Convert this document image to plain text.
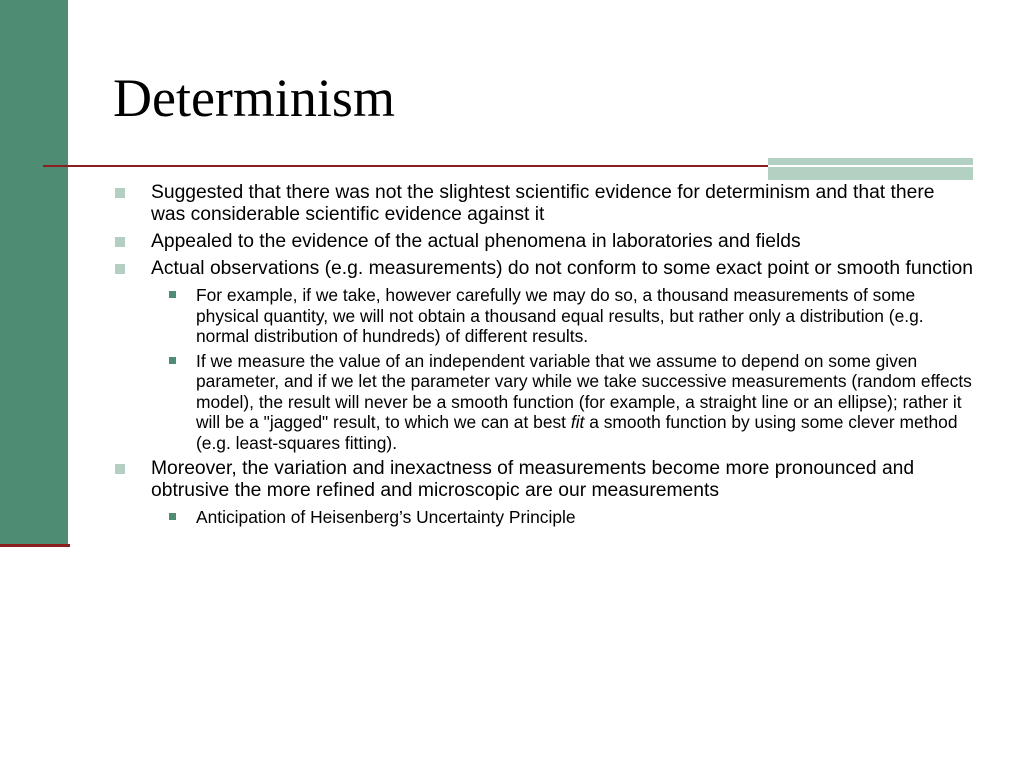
Determinism
Suggested that there was not the slightest scientific evidence for determinism and that there was considerable scientific evidence against it
Appealed to the evidence of the actual phenomena in laboratories and fields
Actual observations (e.g. measurements) do not conform to some exact point or smooth function
For example, if we take, however carefully we may do so, a thousand measurements of some physical quantity, we will not obtain a thousand equal results, but rather only a distribution (e.g. normal distribution of hundreds) of different results.
If we measure the value of an independent variable that we assume to depend on some given parameter, and if we let the parameter vary while we take successive measurements (random effects model), the result will never be a smooth function (for example, a straight line or an ellipse); rather it will be a "jagged" result, to which we can at best fit a smooth function by using some clever method (e.g. least-squares fitting).
Moreover, the variation and inexactness of measurements become more pronounced and obtrusive the more refined and microscopic are our measurements
Anticipation of Heisenberg’s Uncertainty Principle
